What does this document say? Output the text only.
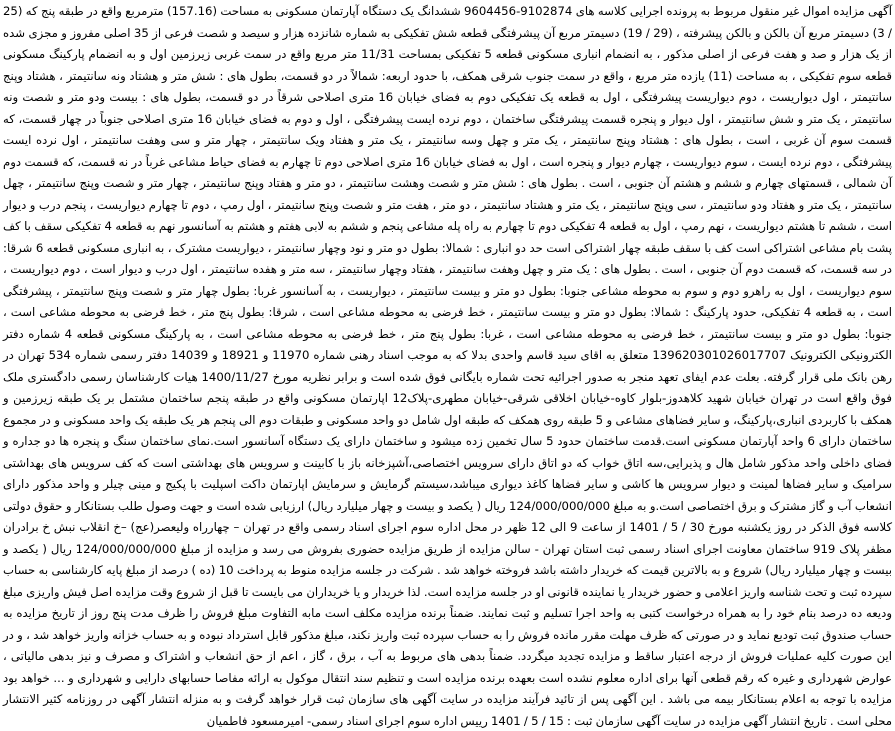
آگهی مزایده اموال غیر منقول مربوط به پرونده اجرایی کلاسه های 9102874-9604456 ششدانگ یک دستگاه آپارتمان مسکونی به مساحت (157.16) مترمربع واقع در طبقه پنج که (25 / 3) دسیمتر مربع آن بالکن و بالکن پیشرفته ، (29 / 19) دسیمتر مربع آن پیشرفتگی قطعه شش تفکیکی به شماره شانزده هزار و سیصد و شصت فرعی از 35 اصلی مفروز و مجزی شده از یک هزار و صد و هفت فرعی از اصلی مذکور ، به انضمام انباری مسکونی قطعه 5 تفکیکی بمساحت 11/31 متر مربع واقع در سمت غربی زیرزمین اول و به انضمام پارکینگ مسکونی قطعه سوم تفکیکی ، به مساحت (11) یازده متر مربع ، واقع در سمت جنوب شرقی همکف، با حدود اربعه: شمالاً در دو قسمت، بطول های : شش متر و هشتاد ونه سانتیمتر ، هشتاد وپنج سانتیمتر ، اول دیواریست ، دوم دیواریست پیشرفتگی ، اول به قطعه یک تفکیکی دوم به فضای خیابان 16 متری اصلاحی شرقاً در دو قسمت، بطول های : بیست ودو متر و شصت ونه سانتیمتر ، یک متر و شش سانتیمتر ، اول دیوار و پنجره قسمت پیشرفتگی ساختمان ، دوم نرده ایست پیشرفتگی ، اول و دوم به فضای خیابان 16 متری اصلاحی جنوباً در چهار قسمت، که قسمت سوم آن غربی ، است ، بطول های : هشتاد وپنج سانتیمتر ، یک متر و چهل وسه سانتیمتر ، یک متر و هفتاد ویک سانتیمتر ، چهار متر و سی وهفت سانتیمتر ، اول نرده ایست پیشرفتگی ، دوم نرده ایست ، سوم دیواریست ، چهارم دیوار و پنجره است ، اول به فضای خیابان 16 متری اصلاحی دوم تا چهارم به فضای حیاط مشاعی غرباً در نه قسمت، که قسمت دوم آن شمالی ، قسمتهای چهارم و ششم و هشتم آن جنوبی ، است . بطول های : شش متر و شصت وهشت سانتیمتر ، دو متر و هفتاد وپنج سانتیمتر ، چهار متر و شصت وپنج سانتیمتر ، چهل سانتیمتر ، یک متر و هفتاد ودو سانتیمتر ، سی وپنج سانتیمتر ، یک متر و هشتاد سانتیمتر ، دو متر ، هفت متر و شصت وپنج سانتیمتر ، اول رمپ ، دوم تا چهارم دیواریست ، پنجم درب و دیوار است ، ششم تا هشتم دیواریست ، نهم رمپ ، اول به قطعه 4 تفکیکی دوم تا چهارم به راه پله مشاعی پنجم و ششم به لابی هفتم و هشتم به آسانسور نهم به قطعه 4 تفکیکی سقف با کف پشت بام مشاعی اشتراکی است کف با سقف طبقه چهار اشتراکی است حد دو انباری : شمالا: بطول دو متر و نود وچهار سانتیمتر ، دیواریست مشترک ، به انباری مسکونی قطعه 6 شرقا: در سه قسمت، که قسمت دوم آن جنوبی ، است . بطول های : یک متر و چهل وهفت سانتیمتر ، هفتاد وچهار سانتیمتر ، سه متر و هفده سانتیمتر ، اول درب و دیوار است ، دوم دیواریست ، سوم دیواریست ، اول به راهرو دوم و سوم به محوطه مشاعی جنوبا: بطول دو متر و بیست سانتیمتر ، دیواریست ، به آسانسور غربا: بطول چهار متر و شصت وپنج سانتیمتر ، پیشرفتگی است ، به قطعه 4 تفکیکی، حدود پارکینگ : شمالا: بطول دو متر و بیست سانتیمتر ، خط فرضی به محوطه مشاعی است ، شرقا: بطول پنج متر ، خط فرضی به محوطه مشاعی است ، جنوبا: بطول دو متر و بیست سانتیمتر ، خط فرضی به محوطه مشاعی است ، غربا: بطول پنج متر ، خط فرضی به محوطه مشاعی است ، به پارکینگ مسکونی قطعه 4 شماره دفتر الکترونیکی الکترونیک 139620301026017707 متعلق به اقای سید قاسم واحدی بدلا که به موجب اسناد رهنی شماره 11970 و 18921 و 14039 دفتر رسمی شماره 534 تهران در رهن بانک ملی قرار گرفته. بعلت عدم ایفای تعهد منجر به صدور اجرائیه تحت شماره بایگانی فوق شده است و برابر نظریه مورخ 1400/11/27 هیات کارشناسان رسمی دادگستری ملک فوق واقع است در تهران خیابان شهید کلاهدوز-بلوار کاوه-خیابان اخلاقی شرقی-خیابان مطهری-پلاک12 اپارتمان مسکونی واقع در طبقه پنجم ساختمان مشتمل بر یک طبقه زیرزمین و همکف با کاربردی انباری،پارکینگ، و سایر فضاهای مشاعی و 5 طبقه روی همکف که طبقه اول شامل دو واحد مسکونی و طبقات دوم الی پنجم هر یک طبقه یک واحد مسکونی و در مجموع ساختمان دارای 6 واحد آپارتمان مسکونی است.قدمت ساختمان حدود 5 سال تخمین زده میشود و ساختمان دارای یک دستگاه آسانسور است.نمای ساختمان سنگ و پنجره ها دو جداره و فضای داخلی واحد مذکور شامل هال و پذیرایی،سه اتاق خواب که دو اتاق دارای سرویس اختصاصی،آشپزخانه باز با کابینت و سرویس های بهداشتی است که کف سرویس های بهداشتی سرامیک و سایر فضاها لمینت و دیوار سرویس ها کاشی و سایر فضاها کاغذ دیواری میباشد،سیستم گرمایش و سرمایش اپارتمان داکت اسپلیت با پکیج و مینی چیلر و واحد مذکور دارای انشعاب آب و گاز مشترک و برق اختصاصی است.و به مبلغ 124/000/000/000 ریال ( یکصد و بیست و چهار میلیارد ریال) ارزیابی شده است و جهت وصول طلب بستانکار و حقوق دولتی کلاسه فوق الذکر در روز یکشنبه مورخ 30 / 5 / 1401 از ساعت 9 الی 12 ظهر در محل اداره سوم اجرای اسناد رسمی واقع در تهران – چهارراه ولیعصر(عج) –خ انقلاب نبش خ برادران مظفر پلاک 919 ساختمان معاونت اجرای اسناد رسمی ثبت استان تهران - سالن مزایده از طریق مزایده حضوری بفروش می رسد و مزایده از مبلغ 124/000/000/000 ریال ( یکصد و بیست و چهار میلیارد ریال) شروع و به بالاترین قیمت که خریدار داشته باشد فروخته خواهد شد . شرکت در جلسه مزایده منوط به پرداخت 10 (ده ) درصد از مبلغ پایه کارشناسی به حساب سپرده ثبت و تحت شناسه واریز اعلامی و حضور خریدار یا نماینده قانونی او در جلسه مزایده است. لذا خریدار و یا خریداران می بایست تا قبل از شروع وقت مزایده اصل فیش واریزی مبلغ ودیعه ده درصد بنام خود را به همراه درخواست کتبی به واحد اجرا تسلیم و ثبت نمایند. ضمناً برنده مزایده مکلف است مابه التفاوت مبلغ فروش را ظرف مدت پنج روز از تاریخ مزایده به حساب صندوق ثبت تودیع نماید و در صورتی که ظرف مهلت مقرر مانده فروش را به حساب سپرده ثبت واریز نکند، مبلغ مذکور قابل استرداد نبوده و به حساب خزانه واریز خواهد شد ، و در این صورت کلیه عملیات فروش از درجه اعتبار ساقط و مزایده تجدید میگردد. ضمناً بدهی های مربوط به آب ، برق ، گاز ، اعم از حق انشعاب و اشتراک و مصرف و نیز بدهی مالیاتی ، عوارض شهرداری و غیره که رقم قطعی آنها برای اداره معلوم نشده است بعهده برنده مزایده است و تنظیم سند انتقال موکول به ارائه مفاصا حسابهای دارایی و شهرداری و ... خواهد بود مزایده با توجه به اعلام بستانکار بیمه می باشد . این آگهی پس از تائید فرآیند مزایده در سایت آگهی های سازمان ثبت قرار خواهد گرفت و به منزله انتشار آگهی در روزنامه کثیر الانتشار محلی است . تاریخ انتشار آگهی مزایده در سایت آگهی سازمان ثبت : 15 / 5 / 1401 رییس اداره سوم اجرای اسناد رسمی- امیرمسعود فاطمیان
